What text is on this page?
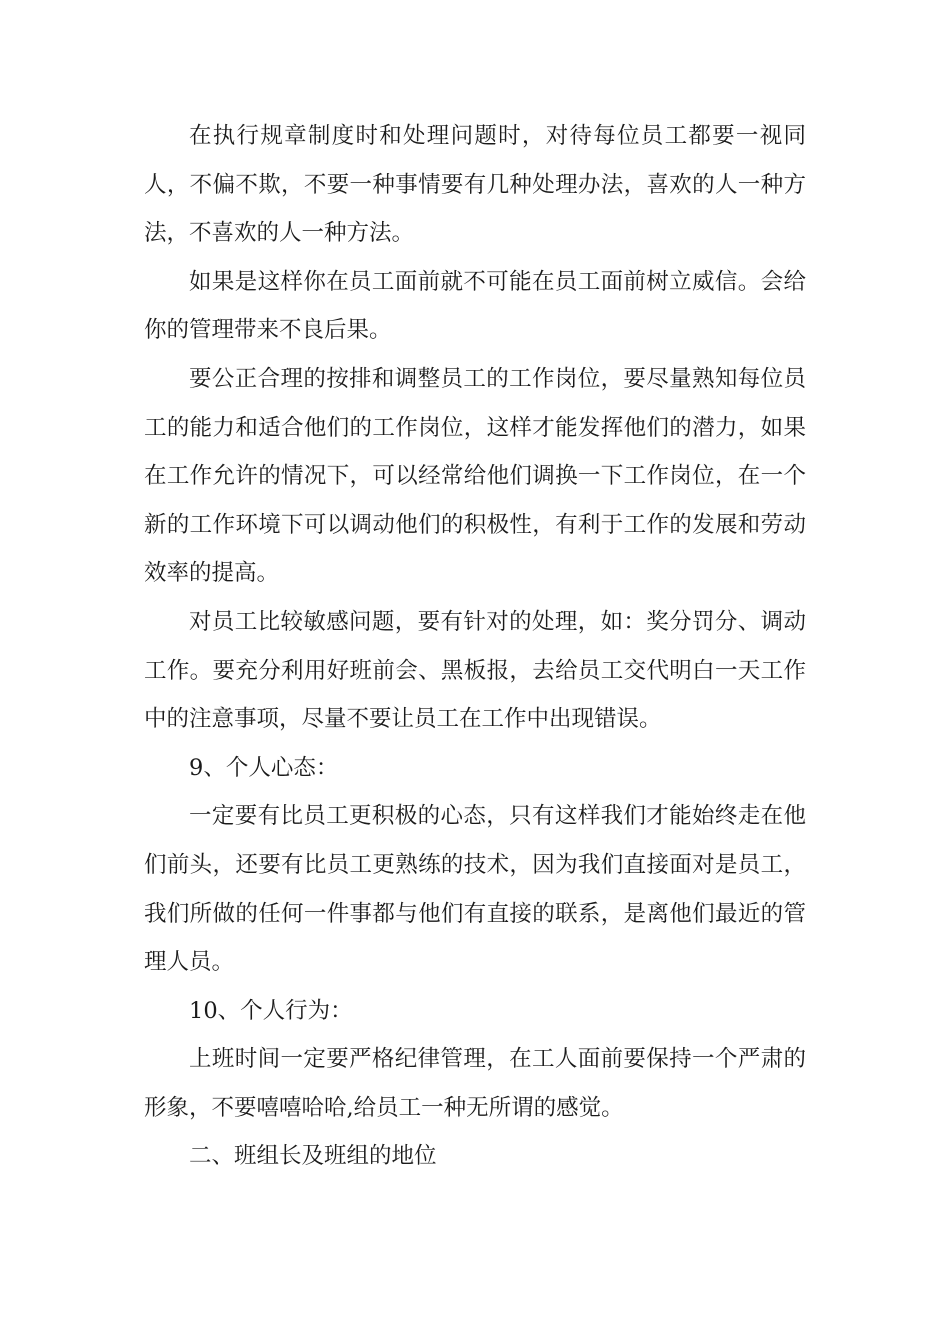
在执行规章制度时和处理问题时，对待每位员工都要一视同人，不偏不欺，不要一种事情要有几种处理办法，喜欢的人一种方法，不喜欢的人一种方法。

如果是这样你在员工面前就不可能在员工面前树立威信。会给你的管理带来不良后果。

要公正合理的按排和调整员工的工作岗位，要尽量熟知每位员工的能力和适合他们的工作岗位，这样才能发挥他们的潜力，如果在工作允许的情况下，可以经常给他们调换一下工作岗位，在一个新的工作环境下可以调动他们的积极性，有利于工作的发展和劳动效率的提高。

对员工比较敏感问题，要有针对的处理，如：奖分罚分、调动工作。要充分利用好班前会、黑板报，去给员工交代明白一天工作中的注意事项，尽量不要让员工在工作中出现错误。

9、个人心态：

一定要有比员工更积极的心态，只有这样我们才能始终走在他们前头，还要有比员工更熟练的技术，因为我们直接面对是员工，我们所做的任何一件事都与他们有直接的联系，是离他们最近的管理人员。

10、个人行为：

上班时间一定要严格纪律管理，在工人面前要保持一个严肃的形象，不要嘻嘻哈哈,给员工一种无所谓的感觉。

二、班组长及班组的地位
